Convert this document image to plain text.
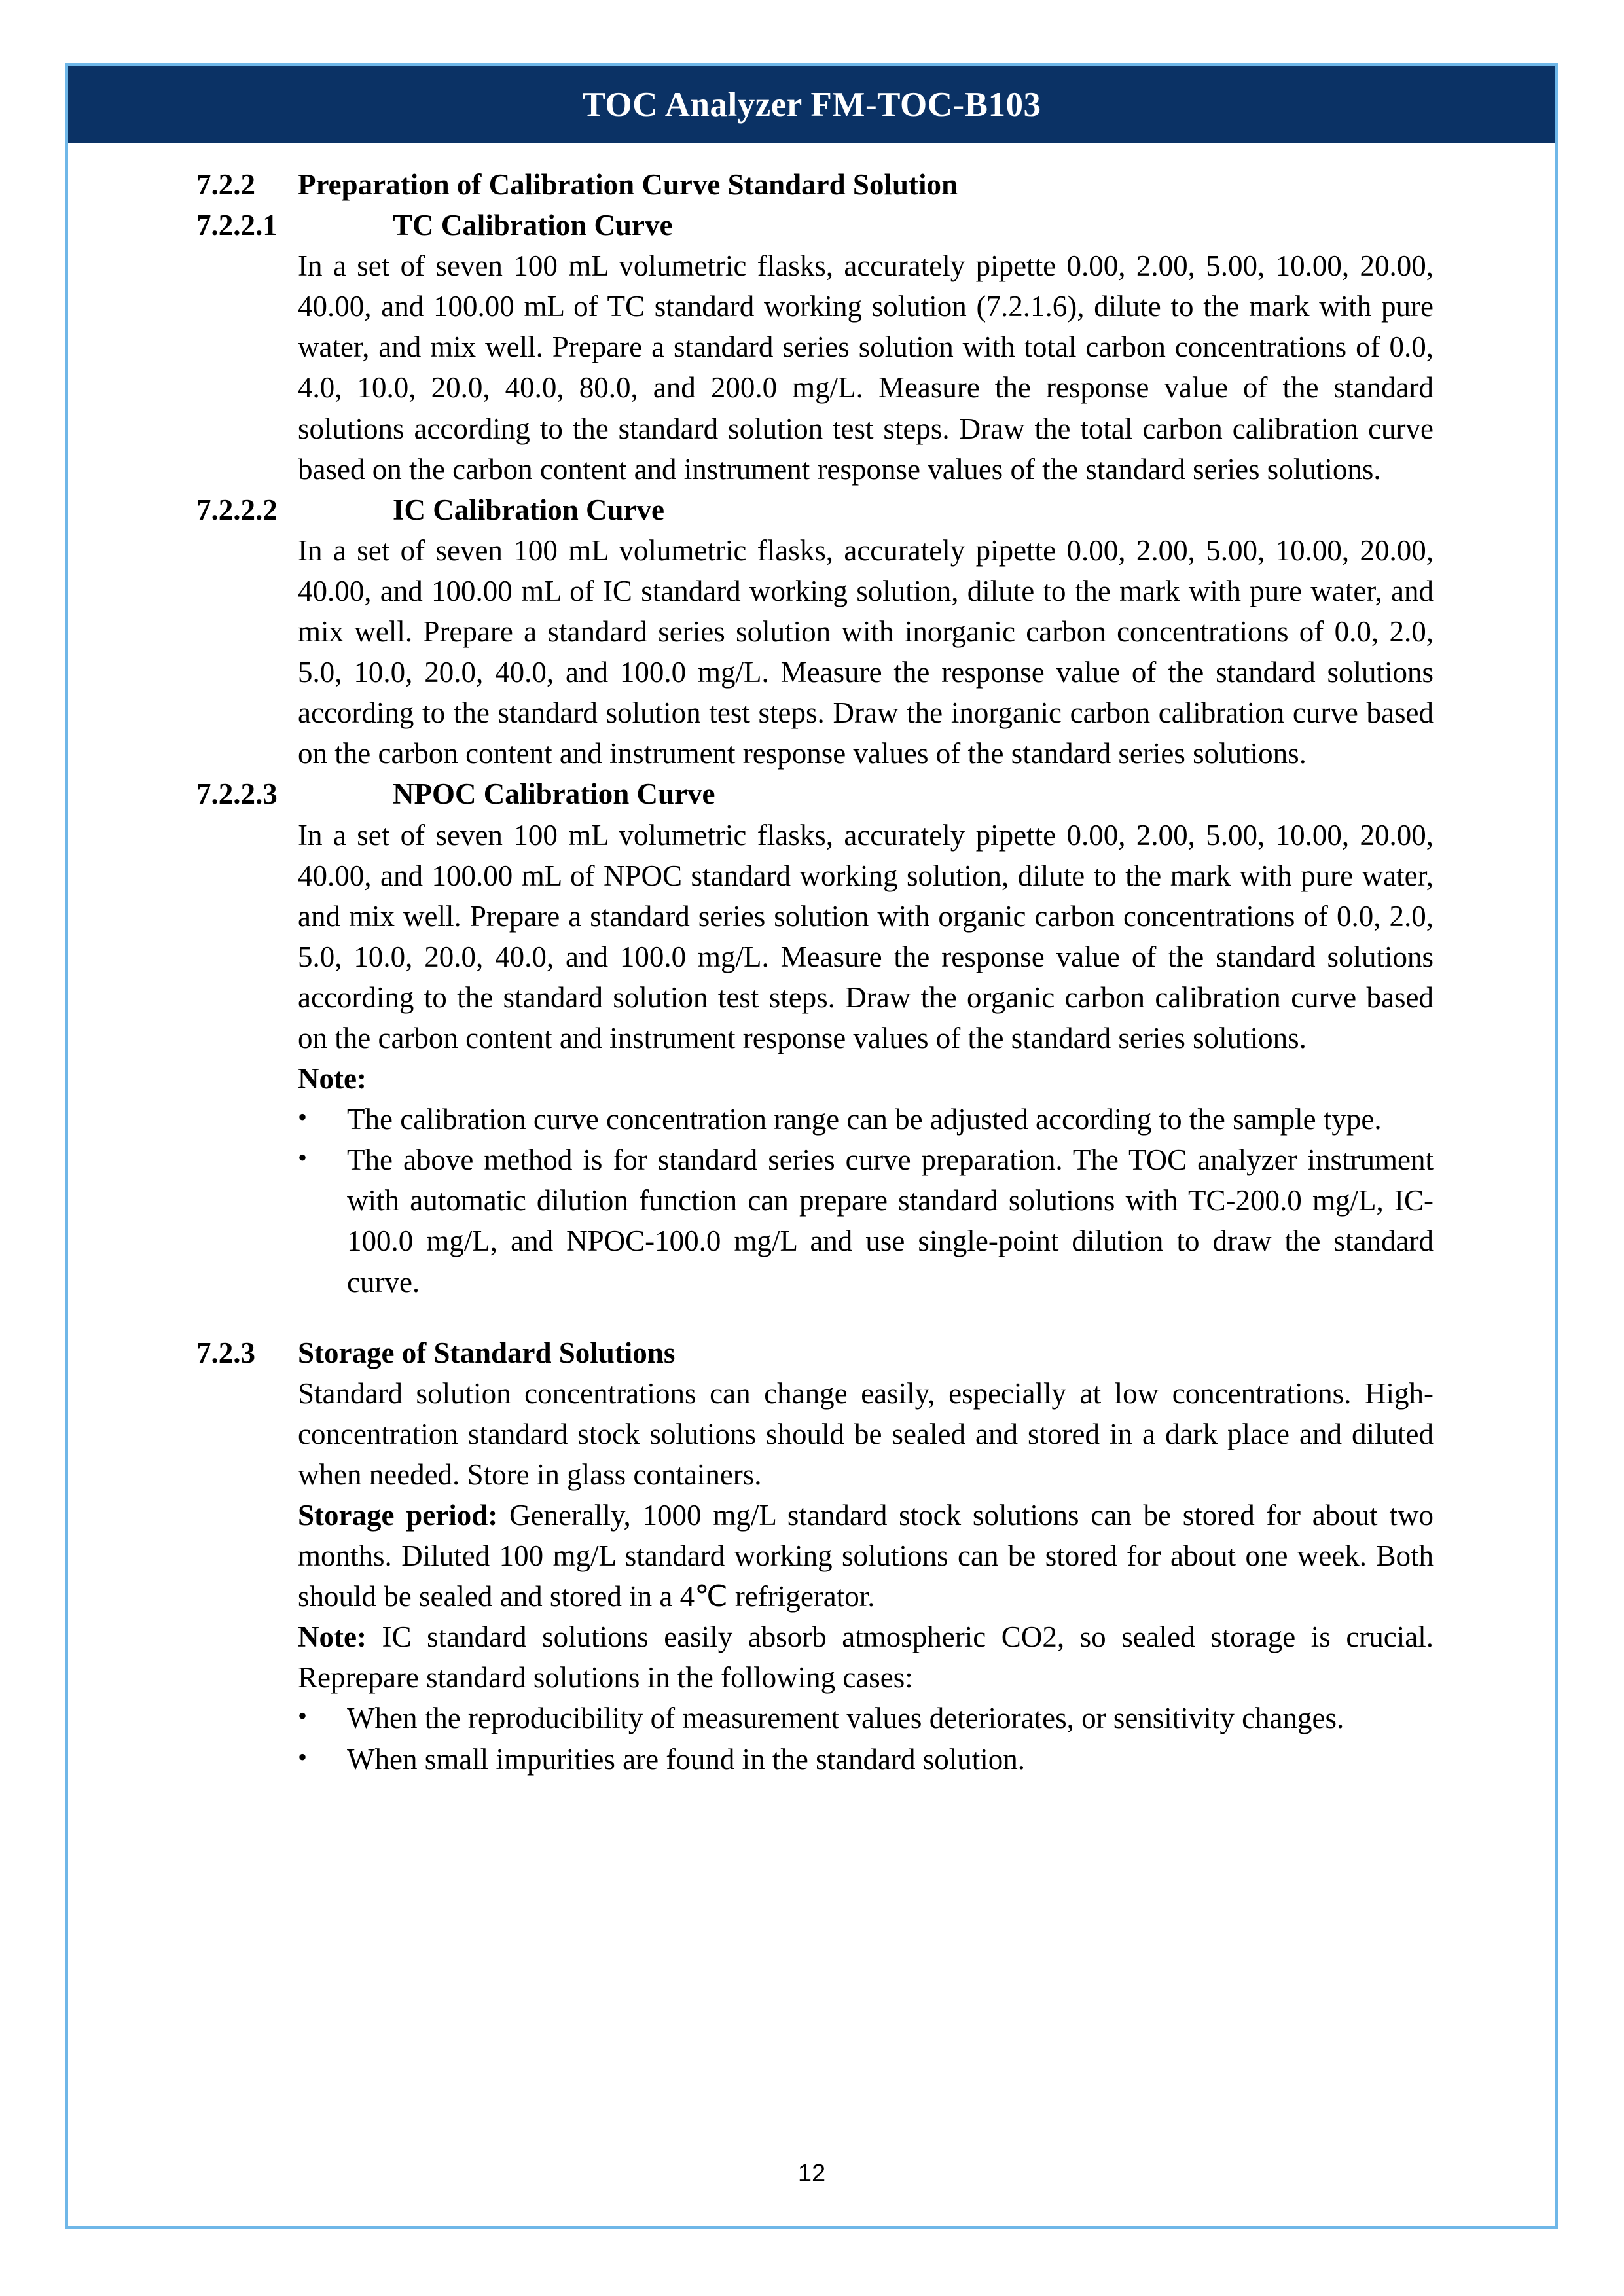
TOC Analyzer FM-TOC-B103
7.2.2	Preparation of Calibration Curve Standard Solution
7.2.2.1	TC Calibration Curve
In a set of seven 100 mL volumetric flasks, accurately pipette 0.00, 2.00, 5.00, 10.00, 20.00, 40.00, and 100.00 mL of TC standard working solution (7.2.1.6), dilute to the mark with pure water, and mix well. Prepare a standard series solution with total carbon concentrations of 0.0, 4.0, 10.0, 20.0, 40.0, 80.0, and 200.0 mg/L. Measure the response value of the standard solutions according to the standard solution test steps. Draw the total carbon calibration curve based on the carbon content and instrument response values of the standard series solutions.
7.2.2.2	IC Calibration Curve
In a set of seven 100 mL volumetric flasks, accurately pipette 0.00, 2.00, 5.00, 10.00, 20.00, 40.00, and 100.00 mL of IC standard working solution, dilute to the mark with pure water, and mix well. Prepare a standard series solution with inorganic carbon concentrations of 0.0, 2.0, 5.0, 10.0, 20.0, 40.0, and 100.0 mg/L. Measure the response value of the standard solutions according to the standard solution test steps. Draw the inorganic carbon calibration curve based on the carbon content and instrument response values of the standard series solutions.
7.2.2.3	NPOC Calibration Curve
In a set of seven 100 mL volumetric flasks, accurately pipette 0.00, 2.00, 5.00, 10.00, 20.00, 40.00, and 100.00 mL of NPOC standard working solution, dilute to the mark with pure water, and mix well. Prepare a standard series solution with organic carbon concentrations of 0.0, 2.0, 5.0, 10.0, 20.0, 40.0, and 100.0 mg/L. Measure the response value of the standard solutions according to the standard solution test steps. Draw the organic carbon calibration curve based on the carbon content and instrument response values of the standard series solutions.
Note:
•	The calibration curve concentration range can be adjusted according to the sample type.
•	The above method is for standard series curve preparation. The TOC analyzer instrument with automatic dilution function can prepare standard solutions with TC-200.0 mg/L, IC-100.0 mg/L, and NPOC-100.0 mg/L and use single-point dilution to draw the standard curve.
7.2.3	Storage of Standard Solutions
Standard solution concentrations can change easily, especially at low concentrations. High-concentration standard stock solutions should be sealed and stored in a dark place and diluted when needed. Store in glass containers.
Storage period: Generally, 1000 mg/L standard stock solutions can be stored for about two months. Diluted 100 mg/L standard working solutions can be stored for about one week. Both should be sealed and stored in a 4℃ refrigerator.
Note: IC standard solutions easily absorb atmospheric CO2, so sealed storage is crucial. Reprepare standard solutions in the following cases:
•	When the reproducibility of measurement values deteriorates, or sensitivity changes.
•	When small impurities are found in the standard solution.
12
